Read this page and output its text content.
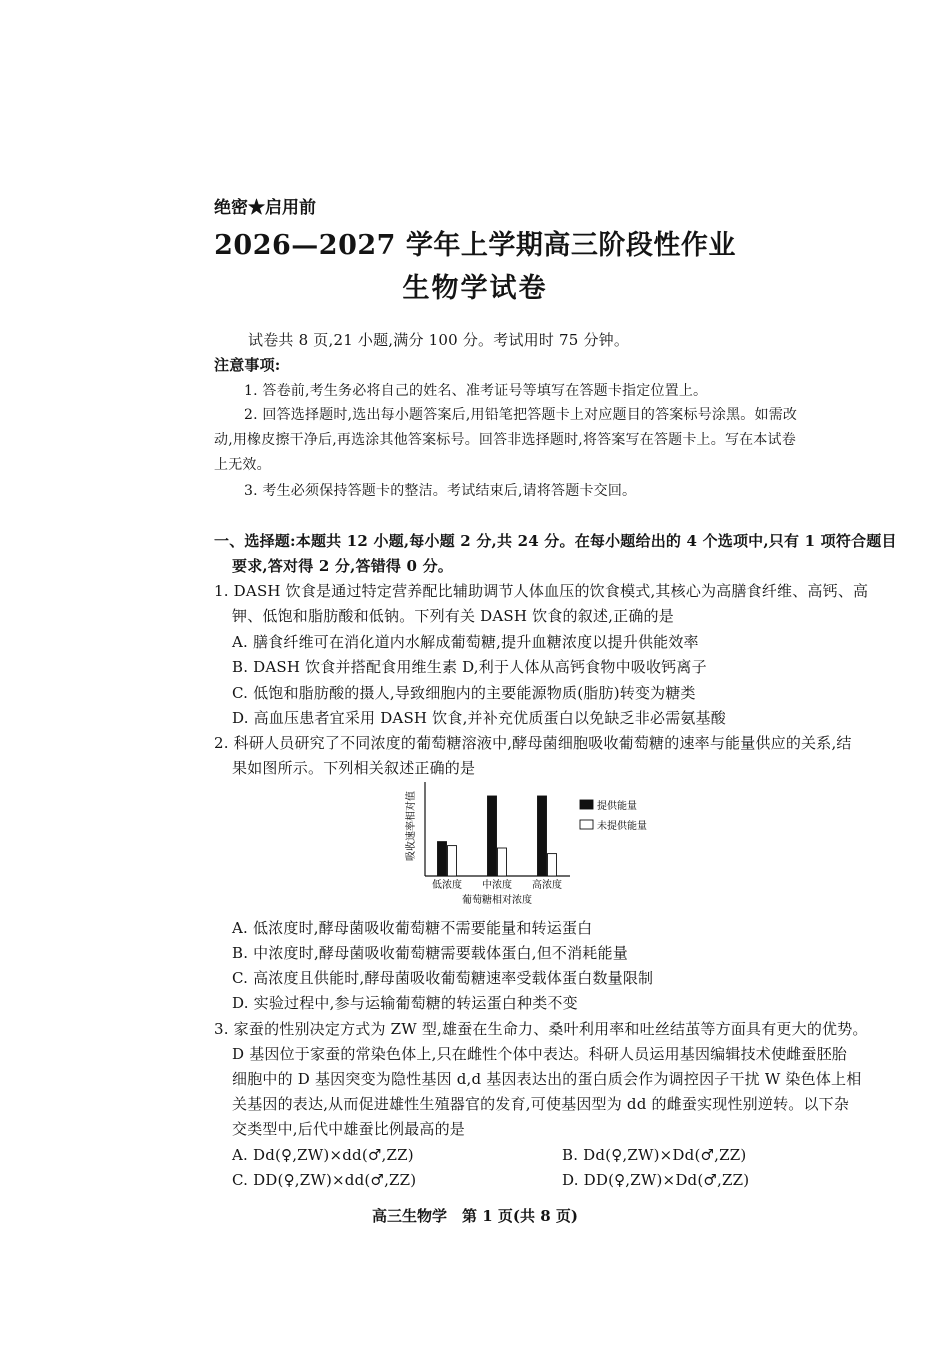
绝密★启用前
2026—2027 学年上学期高三阶段性作业
生物学试卷
试卷共 8 页,21 小题,满分 100 分。考试用时 75 分钟。
注意事项:
1. 答卷前,考生务必将自己的姓名、准考证号等填写在答题卡指定位置上。
2. 回答选择题时,选出每小题答案后,用铅笔把答题卡上对应题目的答案标号涂黑。如需改
动,用橡皮擦干净后,再选涂其他答案标号。回答非选择题时,将答案写在答题卡上。写在本试卷
上无效。
3. 考生必须保持答题卡的整洁。考试结束后,请将答题卡交回。
一、选择题:本题共 12 小题,每小题 2 分,共 24 分。在每小题给出的 4 个选项中,只有 1 项符合题目
要求,答对得 2 分,答错得 0 分。
1. DASH 饮食是通过特定营养配比辅助调节人体血压的饮食模式,其核心为高膳食纤维、高钙、高
钾、低饱和脂肪酸和低钠。下列有关 DASH 饮食的叙述,正确的是
A. 膳食纤维可在消化道内水解成葡萄糖,提升血糖浓度以提升供能效率
B. DASH 饮食并搭配食用维生素 D,利于人体从高钙食物中吸收钙离子
C. 低饱和脂肪酸的摄人,导致细胞内的主要能源物质(脂肪)转变为糖类
D. 高血压患者宜采用 DASH 饮食,并补充优质蛋白以免缺乏非必需氨基酸
2. 科研人员研究了不同浓度的葡萄糖溶液中,酵母菌细胞吸收葡萄糖的速率与能量供应的关系,结
果如图所示。下列相关叙述正确的是
吸收速率相对值
低浓度 中浓度 高浓度
葡萄糖相对浓度
提供能量
未提供能量
A. 低浓度时,酵母菌吸收葡萄糖不需要能量和转运蛋白
B. 中浓度时,酵母菌吸收葡萄糖需要载体蛋白,但不消耗能量
C. 高浓度且供能时,酵母菌吸收葡萄糖速率受载体蛋白数量限制
D. 实验过程中,参与运输葡萄糖的转运蛋白种类不变
3. 家蚕的性别决定方式为 ZW 型,雄蚕在生命力、桑叶利用率和吐丝结茧等方面具有更大的优势。
D 基因位于家蚕的常染色体上,只在雌性个体中表达。科研人员运用基因编辑技术使雌蚕胚胎
细胞中的 D 基因突变为隐性基因 d,d 基因表达出的蛋白质会作为调控因子干扰 W 染色体上相
关基因的表达,从而促进雄性生殖器官的发育,可使基因型为 dd 的雌蚕实现性别逆转。以下杂
交类型中,后代中雄蚕比例最高的是
A. Dd(♀,ZW)×dd(♂,ZZ)	B. Dd(♀,ZW)×Dd(♂,ZZ)
C. DD(♀,ZW)×dd(♂,ZZ)	D. DD(♀,ZW)×Dd(♂,ZZ)
高三生物学　第 1 页(共 8 页)
